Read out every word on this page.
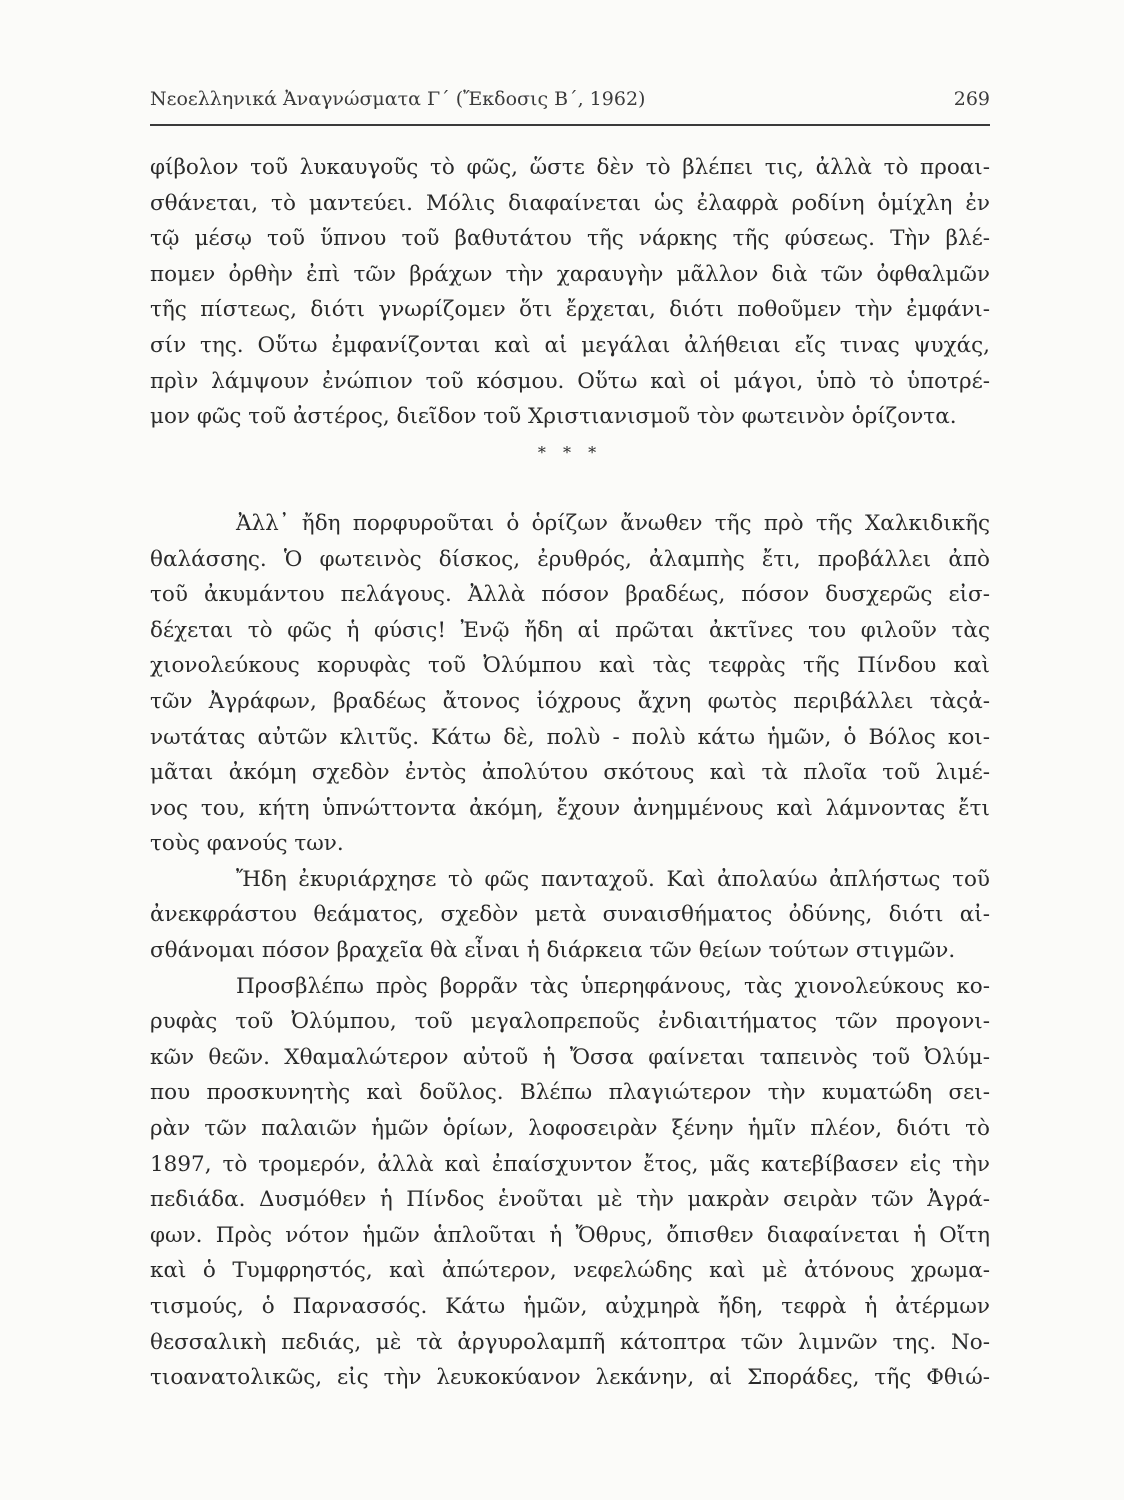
Νεοελληνικά Ἀναγνώσματα Γ΄ (Ἔκδοσις Β΄, 1962)	269
φίβολον τοῦ λυκαυγοῦς τὸ φῶς, ὥστε δὲν τὸ βλέπει τις, ἀλλὰ τὸ προαι-
σθάνεται, τὸ μαντεύει. Μόλις διαφαίνεται ὡς ἐλαφρὰ ροδίνη ὁμίχλη ἐν
τῷ μέσῳ τοῦ ὕπνου τοῦ βαθυτάτου τῆς νάρκης τῆς φύσεως. Τὴν βλέ-
πομεν ὀρθὴν ἐπὶ τῶν βράχων τὴν χαραυγὴν μᾶλλον διὰ τῶν ὀφθαλμῶν
τῆς πίστεως, διότι γνωρίζομεν ὅτι ἔρχεται, διότι ποθοῦμεν τὴν ἐμφάνι-
σίν της. Οὕτω ἐμφανίζονται καὶ αἱ μεγάλαι ἀλήθειαι εἴς τινας ψυχάς,
πρὶν λάμψουν ἐνώπιον τοῦ κόσμου. Οὕτω καὶ οἱ μάγοι, ὑπὸ τὸ ὑποτρέ-
μον φῶς τοῦ ἀστέρος, διεῖδον τοῦ Χριστιανισμοῦ τὸν φωτεινὸν ὁρίζοντα.
* * *
Ἀλλ᾽ ἤδη πορφυροῦται ὁ ὁρίζων ἄνωθεν τῆς πρὸ τῆς Χαλκιδικῆς
θαλάσσης. Ὁ φωτεινὸς δίσκος, ἐρυθρός, ἀλαμπὴς ἔτι, προβάλλει ἀπὸ
τοῦ ἀκυμάντου πελάγους. Ἀλλὰ πόσον βραδέως, πόσον δυσχερῶς εἰσ-
δέχεται τὸ φῶς ἡ φύσις! Ἐνῷ ἤδη αἱ πρῶται ἀκτῖνες του φιλοῦν τὰς
χιονολεύκους κορυφὰς τοῦ Ὀλύμπου καὶ τὰς τεφρὰς τῆς Πίνδου καὶ
τῶν Ἀγράφων, βραδέως ἄτονος ἰόχρους ἄχνη φωτὸς περιβάλλει τὰςἀ-
νωτάτας αὐτῶν κλιτῦς. Κάτω δὲ, πολὺ - πολὺ κάτω ἡμῶν, ὁ Βόλος κοι-
μᾶται ἀκόμη σχεδὸν ἐντὸς ἀπολύτου σκότους καὶ τὰ πλοῖα τοῦ λιμέ-
νος του, κήτη ὑπνώττοντα ἀκόμη, ἔχουν ἀνημμένους καὶ λάμνοντας ἔτι
τοὺς φανούς των.
Ἤδη ἐκυριάρχησε τὸ φῶς πανταχοῦ. Καὶ ἀπολαύω ἀπλήστως τοῦ
ἀνεκφράστου θεάματος, σχεδὸν μετὰ συναισθήματος ὀδύνης, διότι αἰ-
σθάνομαι πόσον βραχεῖα θὰ εἶναι ἡ διάρκεια τῶν θείων τούτων στιγμῶν.
Προσβλέπω πρὸς βορρᾶν τὰς ὑπερηφάνους, τὰς χιονολεύκους κο-
ρυφὰς τοῦ Ὀλύμπου, τοῦ μεγαλοπρεποῦς ἐνδιαιτήματος τῶν προγονι-
κῶν θεῶν. Χθαμαλώτερον αὐτοῦ ἡ Ὄσσα φαίνεται ταπεινὸς τοῦ Ὀλύμ-
που προσκυνητὴς καὶ δοῦλος. Βλέπω πλαγιώτερον τὴν κυματώδη σει-
ρὰν τῶν παλαιῶν ἡμῶν ὁρίων, λοφοσειρὰν ξένην ἡμῖν πλέον, διότι τὸ
1897, τὸ τρομερόν, ἀλλὰ καὶ ἐπαίσχυντον ἔτος, μᾶς κατεβίβασεν εἰς τὴν
πεδιάδα. Δυσμόθεν ἡ Πίνδος ἑνοῦται μὲ τὴν μακρὰν σειρὰν τῶν Ἀγρά-
φων. Πρὸς νότον ἡμῶν ἁπλοῦται ἡ Ὄθρυς, ὄπισθεν διαφαίνεται ἡ Οἴτη
καὶ ὁ Τυμφρηστός, καὶ ἀπώτερον, νεφελώδης καὶ μὲ ἀτόνους χρωμα-
τισμούς, ὁ Παρνασσός. Κάτω ἡμῶν, αὐχμηρὰ ἤδη, τεφρὰ ἡ ἀτέρμων
θεσσαλικὴ πεδιάς, μὲ τὰ ἀργυρολαμπῆ κάτοπτρα τῶν λιμνῶν της. Νο-
τιοανατολικῶς, εἰς τὴν λευκοκύανον λεκάνην, αἱ Σποράδες, τῆς Φθιώ-
